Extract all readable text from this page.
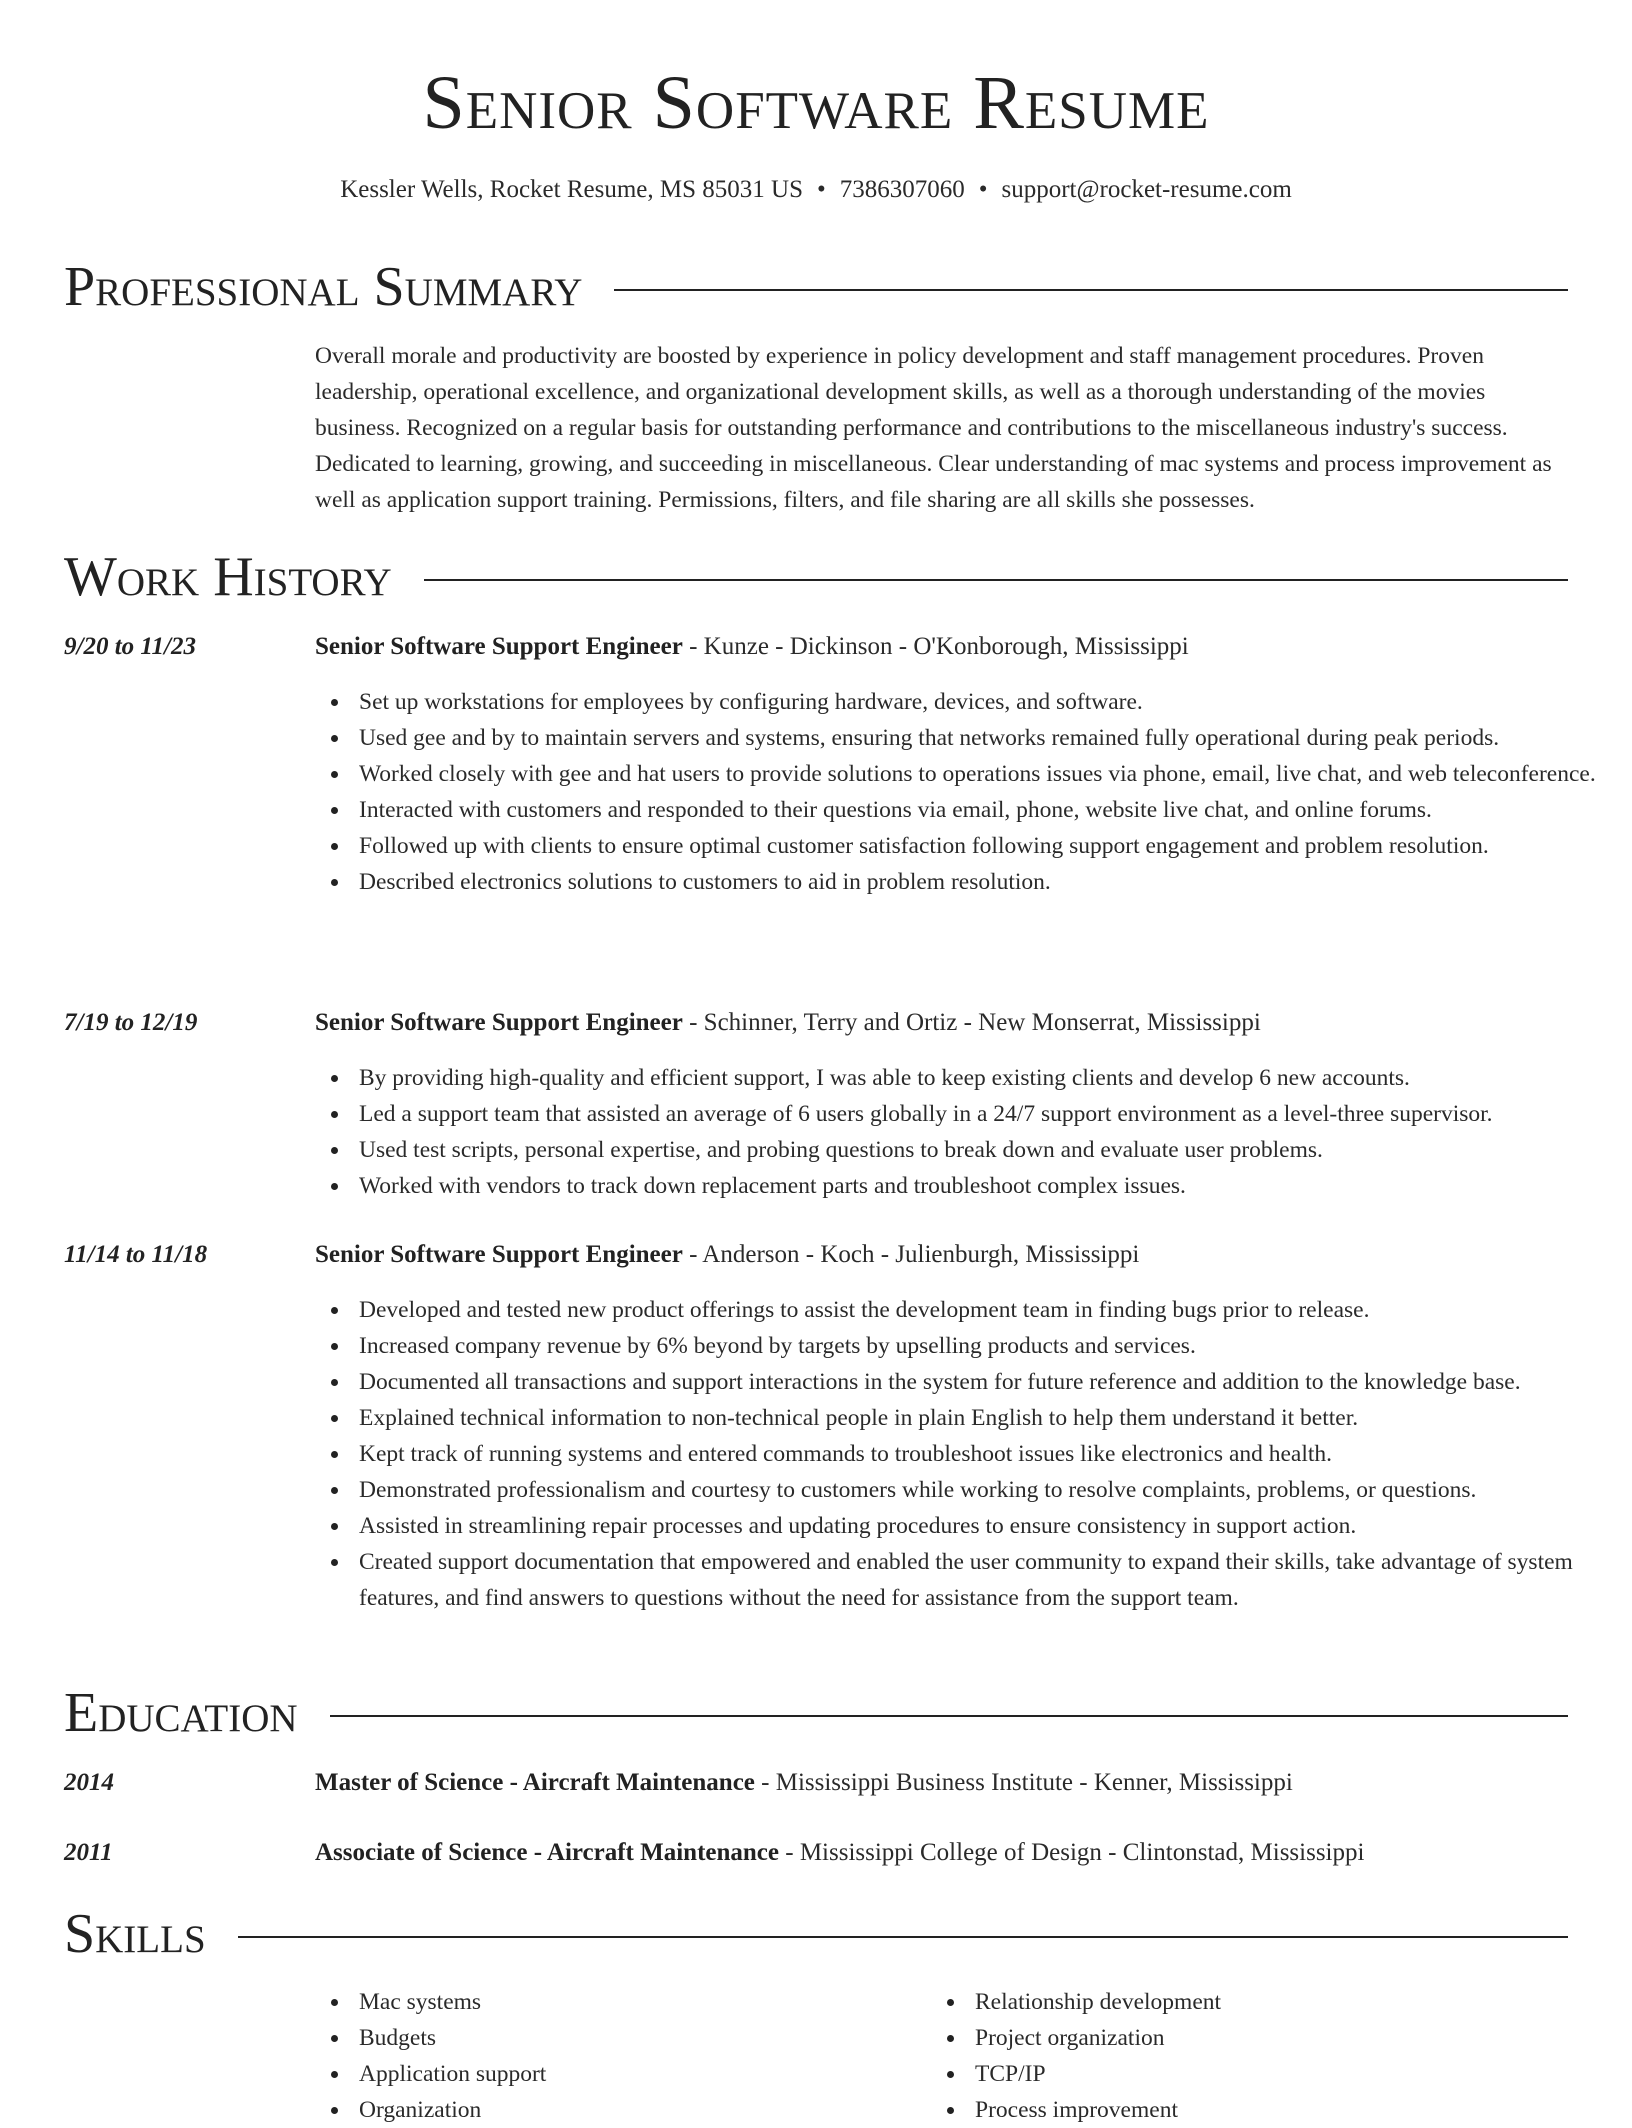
Senior Software Resume
Kessler Wells, Rocket Resume, MS 85031 US • 7386307060 • support@rocket-resume.com
Professional Summary
Overall morale and productivity are boosted by experience in policy development and staff management procedures. Proven leadership, operational excellence, and organizational development skills, as well as a thorough understanding of the movies business. Recognized on a regular basis for outstanding performance and contributions to the miscellaneous industry's success. Dedicated to learning, growing, and succeeding in miscellaneous. Clear understanding of mac systems and process improvement as well as application support training. Permissions, filters, and file sharing are all skills she possesses.
Work History
9/20 to 11/23	Senior Software Support Engineer - Kunze - Dickinson - O'Konborough, Mississippi
Set up workstations for employees by configuring hardware, devices, and software.
Used gee and by to maintain servers and systems, ensuring that networks remained fully operational during peak periods.
Worked closely with gee and hat users to provide solutions to operations issues via phone, email, live chat, and web teleconference.
Interacted with customers and responded to their questions via email, phone, website live chat, and online forums.
Followed up with clients to ensure optimal customer satisfaction following support engagement and problem resolution.
Described electronics solutions to customers to aid in problem resolution.
7/19 to 12/19	Senior Software Support Engineer - Schinner, Terry and Ortiz - New Monserrat, Mississippi
By providing high-quality and efficient support, I was able to keep existing clients and develop 6 new accounts.
Led a support team that assisted an average of 6 users globally in a 24/7 support environment as a level-three supervisor.
Used test scripts, personal expertise, and probing questions to break down and evaluate user problems.
Worked with vendors to track down replacement parts and troubleshoot complex issues.
11/14 to 11/18	Senior Software Support Engineer - Anderson - Koch - Julienburgh, Mississippi
Developed and tested new product offerings to assist the development team in finding bugs prior to release.
Increased company revenue by 6% beyond by targets by upselling products and services.
Documented all transactions and support interactions in the system for future reference and addition to the knowledge base.
Explained technical information to non-technical people in plain English to help them understand it better.
Kept track of running systems and entered commands to troubleshoot issues like electronics and health.
Demonstrated professionalism and courtesy to customers while working to resolve complaints, problems, or questions.
Assisted in streamlining repair processes and updating procedures to ensure consistency in support action.
Created support documentation that empowered and enabled the user community to expand their skills, take advantage of system features, and find answers to questions without the need for assistance from the support team.
Education
2014	Master of Science - Aircraft Maintenance - Mississippi Business Institute - Kenner, Mississippi
2011	Associate of Science - Aircraft Maintenance - Mississippi College of Design - Clintonstad, Mississippi
Skills
Mac systems
Budgets
Application support
Organization
Relationship development
Project organization
TCP/IP
Process improvement
